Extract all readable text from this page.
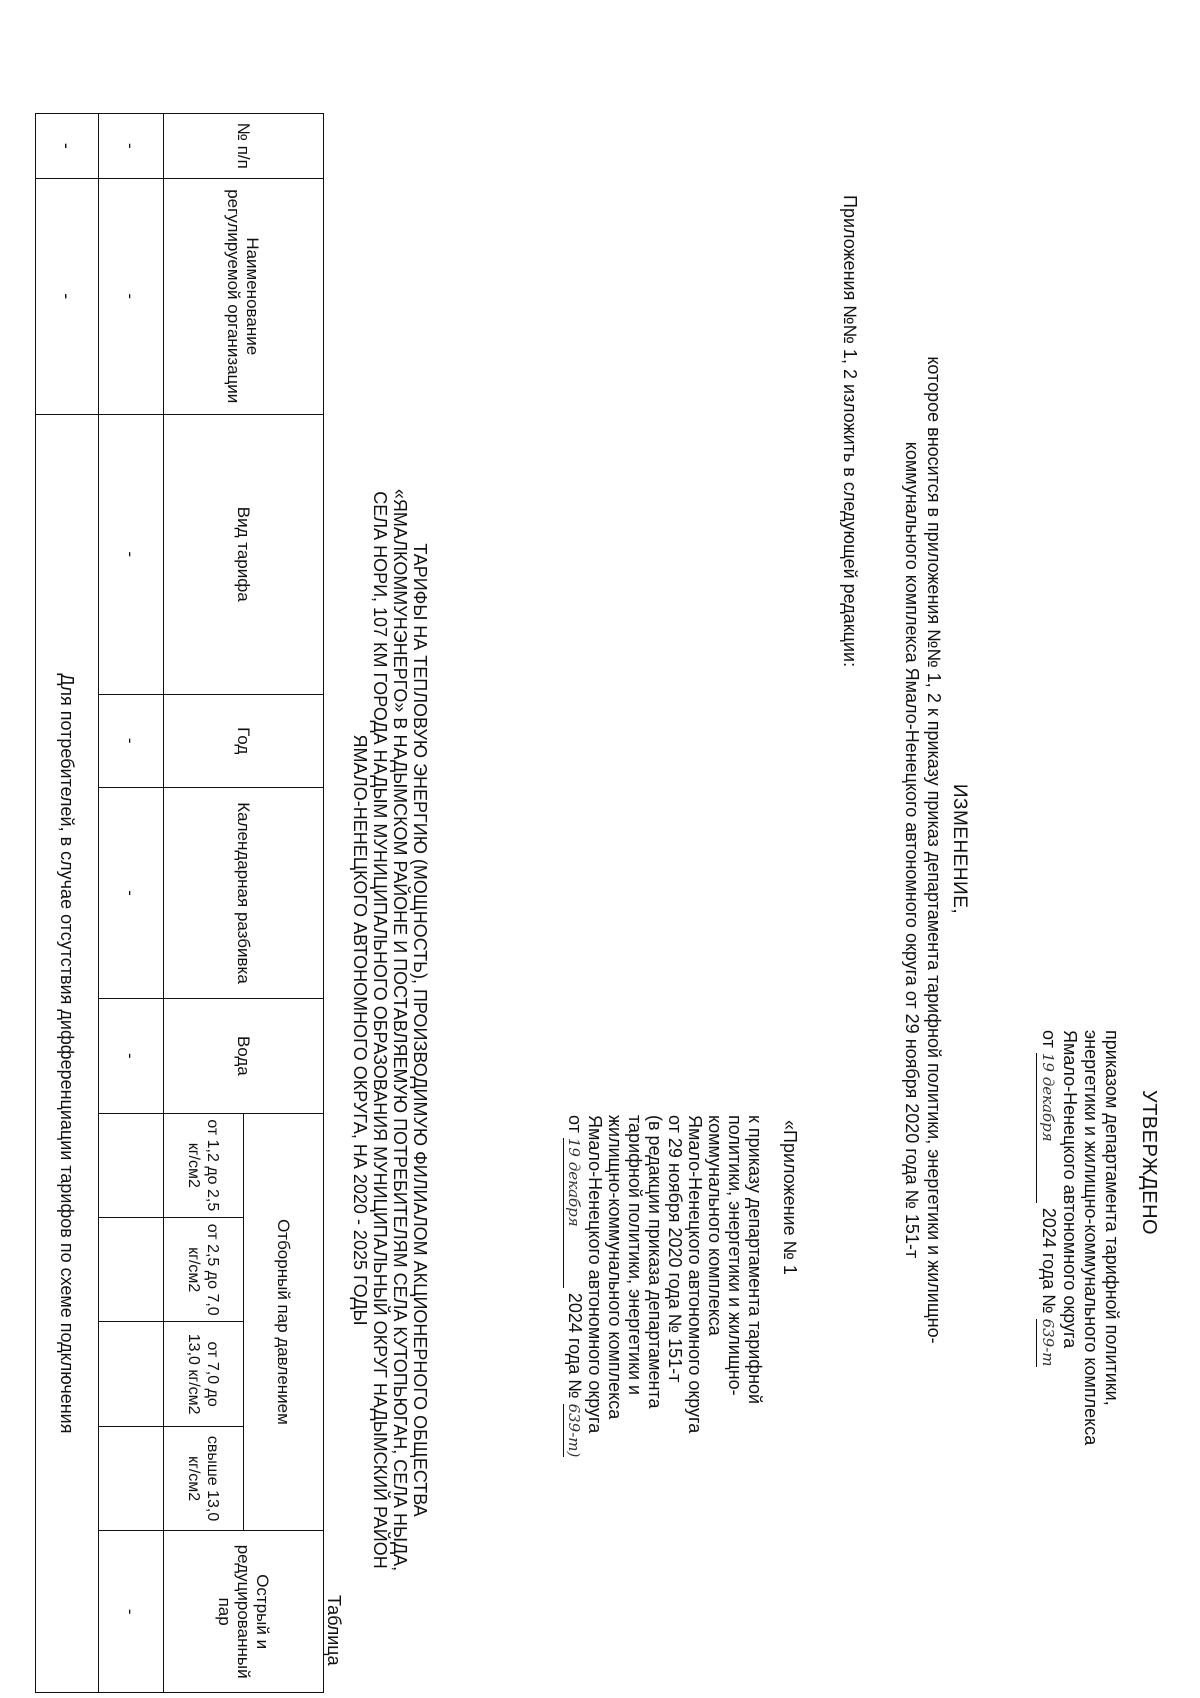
УТВЕРЖДЕНО
приказом департамента тарифной политики,
энергетики и жилищно-коммунального комплекса
Ямало-Ненецкого автономного округа
от 19 декабря 2024 года № 639-т
ИЗМЕНЕНИЕ,
которое вносится в приложения №№ 1, 2 к приказу приказ департамента тарифной политики, энергетики и жилищно-
коммунального комплекса Ямало-Ненецкого автономного округа от 29 ноября 2020 года № 151-т
Приложения №№ 1, 2 изложить в следующей редакции:
«Приложение № 1
к приказу департамента тарифной
политики, энергетики и жилищно-
коммунального комплекса
Ямало-Ненецкого автономного округа
от 29 ноября 2020 года № 151-т
(в редакции приказа департамента
тарифной политики, энергетики и
жилищно-коммунального комплекса
Ямало-Ненецкого автономного округа
от 19 декабря 2024 года № 639-т)
ТАРИФЫ НА ТЕПЛОВУЮ ЭНЕРГИЮ (МОЩНОСТЬ), ПРОИЗВОДИМУЮ ФИЛИАЛОМ АКЦИОНЕРНОГО ОБЩЕСТВА
«ЯМАЛКОММУНЭНЕРГО» В НАДЫМСКОМ РАЙОНЕ И ПОСТАВЛЯЕМУЮ ПОТРЕБИТЕЛЯМ СЕЛА КУТОПЬЮГАН, СЕЛА НЫДА,
СЕЛА НОРИ, 107 КМ ГОРОДА НАДЫМ МУНИЦИПАЛЬНОГО ОБРАЗОВАНИЯ МУНИЦИПАЛЬНЫЙ ОКРУГ НАДЫМСКИЙ РАЙОН
ЯМАЛО-НЕНЕЦКОГО АВТОНОМНОГО ОКРУГА, НА 2020 - 2025 ГОДЫ
Таблица
№ п/п	Наименование регулируемой организации	Вид тарифа	Год	Календарная разбивка	Вода	Отборный пар давлением				Острый и редуцированный пар
						от 1,2 до 2,5 кг/см2	от 2,5 до 7,0 кг/см2	от 7,0 до 13,0 кг/см2	свыше 13,0 кг/см2	
-	-	-	-	-	-					-
-	-	Для потребителей, в случае отсутствия дифференциации тарифов по схеме подключения								
